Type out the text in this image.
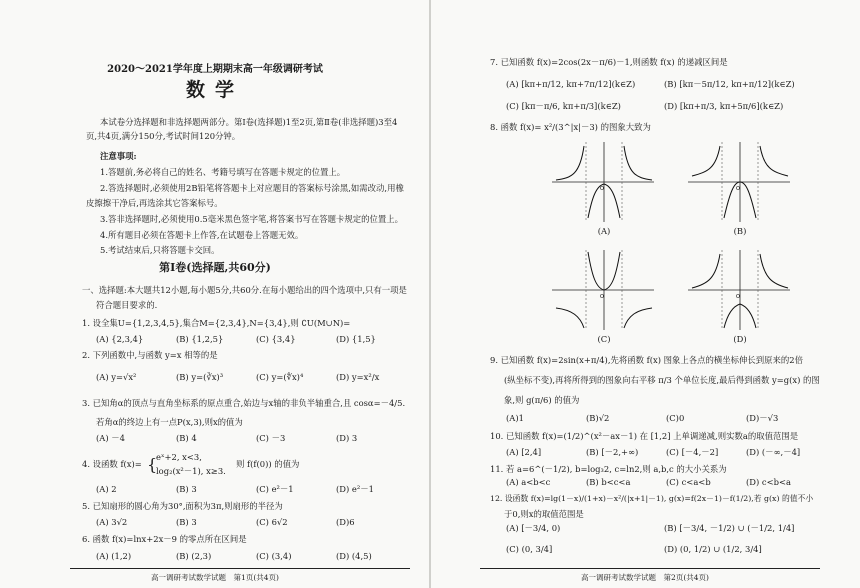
2020～2021学年度上期期末高一年级调研考试
数学
本试卷分选择题和非选择题两部分。第Ⅰ卷(选择题)1至2页,第Ⅱ卷(非选择题)3至4
页,共4页,满分150分,考试时间120分钟。
注意事项:
1.答题前,务必将自己的姓名、考籍号填写在答题卡规定的位置上。
2.答选择题时,必须使用2B铅笔将答题卡上对应题目的答案标号涂黑,如需改动,用橡
皮擦擦干净后,再选涂其它答案标号。
3.答非选择题时,必须使用0.5毫米黑色签字笔,将答案书写在答题卡规定的位置上。
4.所有题目必须在答题卡上作答,在试题卷上答题无效。
5.考试结束后,只将答题卡交回。
第Ⅰ卷(选择题,共60分)
一、选择题:本大题共12小题,每小题5分,共60分.在每小题给出的四个选项中,只有一项是
符合题目要求的.
1. 设全集U={1,2,3,4,5},集合M={2,3,4},N={3,4},则 ∁U(M∪N)=
(A) {2,3,4}	(B) {1,2,5}	(C) {3,4}	(D) {1,5}
2. 下列函数中,与函数 y=x 相等的是
(A) y=√x²	(B) y=(∛x)³	(C) y=(∜x)⁴	(D) y=x²/x
3. 已知角α的顶点与直角坐标系的原点重合,始边与x轴的非负半轴重合,且 cosα=－4/5.
若角α的终边上有一点P(x,3),则x的值为
(A) －4	(B) 4	(C) －3	(D) 3
4. 设函数 f(x)= {
eˣ+2, x<3,
log₂(x²－1), x≥3.
则 f(f(0)) 的值为
(A) 2	(B) 3	(C) e²－1	(D) e²－1
5. 已知扇形的圆心角为30°,面积为3π,则扇形的半径为
(A) 3√2	(B) 3	(C) 6√2	(D)6
6. 函数 f(x)=lnx+2x－9 的零点所在区间是
(A) (1,2)	(B) (2,3)	(C) (3,4)	(D) (4,5)
高一调研考试数学试题　第1页(共4页)
7. 已知函数 f(x)=2cos(2x－π/6)－1,则函数 f(x) 的递减区间是
(A) [kπ+π/12, kπ+7π/12](k∈Z)	(B) [kπ－5π/12, kπ+π/12](k∈Z)
(C) [kπ－π/6, kπ+π/3](k∈Z)	(D) [kπ+π/3, kπ+5π/6](k∈Z)
8. 函数 f(x)= x²/(3^|x|－3) 的图象大致为
O
(A)
O
(B)
O
(C)
O
(D)
9. 已知函数 f(x)=2sin(x+π/4),先将函数 f(x) 图象上各点的横坐标伸长到原来的2倍
(纵坐标不变),再将所得到的图象向右平移 π/3 个单位长度,最后得到函数 y=g(x) 的图
象,则 g(π/6) 的值为
(A)1	(B)√2	(C)0	(D)－√3
10. 已知函数 f(x)=(1/2)^(x²－ax－1) 在 [1,2] 上单调递减,则实数a的取值范围是
(A) [2,4]	(B) [－2,+∞)	(C) [－4,－2]	(D) (－∞,－4]
11. 若 a=6^(－1/2), b=log₃2, c=ln2,则 a,b,c 的大小关系为
(A) a<b<c	(B) b<c<a	(C) c<a<b	(D) c<b<a
12. 设函数 f(x)=lg(1－x)/(1+x)－x²/(|x+1|－1), g(x)=f(2x－1)－f(1/2),若 g(x) 的值不小
于0,则x的取值范围是
(A) [－3/4, 0)	(B) [－3/4, －1/2) ∪ (－1/2, 1/4]
(C) (0, 3/4]	(D) (0, 1/2) ∪ (1/2, 3/4]
高一调研考试数学试题　第2页(共4页)
